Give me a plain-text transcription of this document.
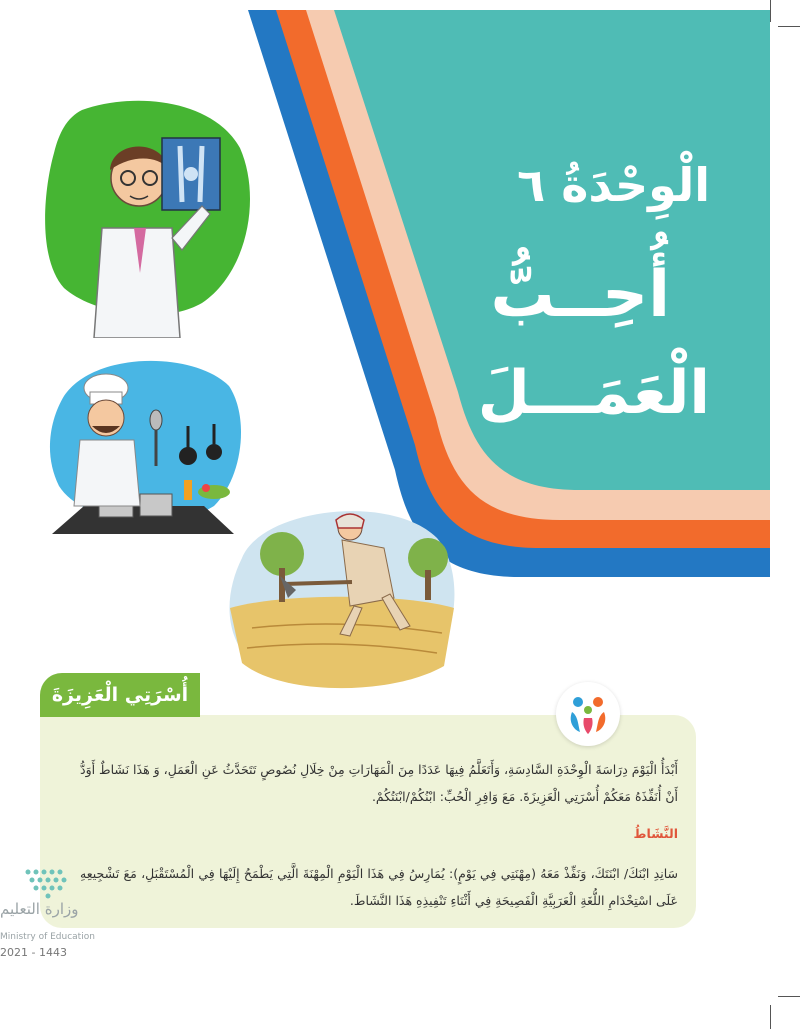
الْوِحْدَةُ ٦
أُحِــبُّ
الْعَمَـــلَ
أُسْرَتِي الْعَزِيزَةَ
أَبْدَأُ الْيَوْمَ دِرَاسَةَ الْوِحْدَةِ السَّادِسَةِ، وَأَتَعَلَّمُ فِيهَا عَدَدًا مِنَ الْمَهَارَاتِ مِنْ خِلَالِ نُصُوصٍ تَتَحَدَّثُ عَنِ الْعَمَلِ، وَ هَذَا نَشَاطٌ أَوَدُّ أَنْ أُنَفِّذَهُ مَعَكُمْ أُسْرَتِي الْعَزِيزَةَ. مَعَ وَافِرِ الْحُبِّ: ابْنُكُمْ/ابْنَتُكُمْ.
النَّشَاطُ
سَانِدِ ابْنَكَ/ ابْنَتَكَ، وَنَفِّذْ مَعَهُ (مِهْنَتِي فِي يَوْمٍ): يُمَارِسُ فِي هَذَا الْيَوْمِ الْمِهْنَةَ الَّتِي يَطْمَحُ إِلَيْهَا فِي الْمُسْتَقْبَلِ، مَعَ تَشْجِيعِهِ عَلَى اسْتِخْدَامِ اللُّغَةِ الْعَرَبِيَّةِ الْفَصِيحَةِ فِي أَثْنَاءِ تَنْفِيذِهِ هَذَا النَّشَاطَ.
وزارة التعليم
Ministry of Education
2021 - 1443
